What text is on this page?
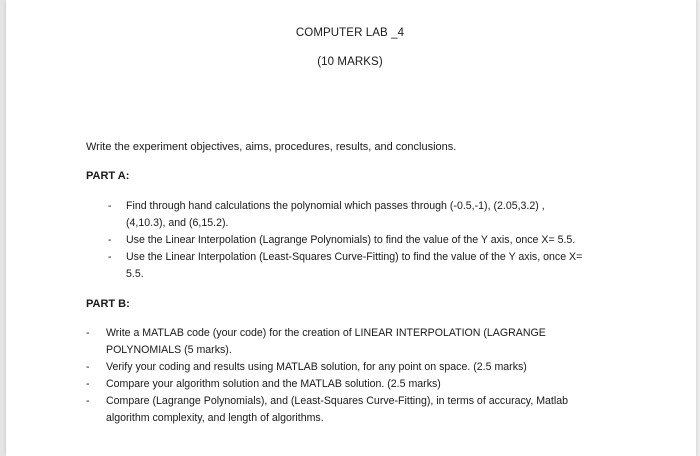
COMPUTER LAB _4
(10 MARKS)
Write the experiment objectives, aims, procedures, results, and conclusions.
PART A:
-	Find through hand calculations the polynomial which passes through (-0.5,-1), (2.05,3.2) ,
(4,10.3), and (6,15.2).
-	Use the Linear Interpolation (Lagrange Polynomials) to find the value of the Y axis, once X= 5.5.
-	Use the Linear Interpolation (Least-Squares Curve-Fitting) to find the value of the Y axis, once X=
5.5.
PART B:
-	Write a MATLAB code (your code) for the creation of LINEAR INTERPOLATION (LAGRANGE
POLYNOMIALS (5 marks).
-	Verify your coding and results using MATLAB solution, for any point on space. (2.5 marks)
-	Compare your algorithm solution and the MATLAB solution. (2.5 marks)
-	Compare (Lagrange Polynomials), and (Least-Squares Curve-Fitting), in terms of accuracy, Matlab
algorithm complexity, and length of algorithms.
